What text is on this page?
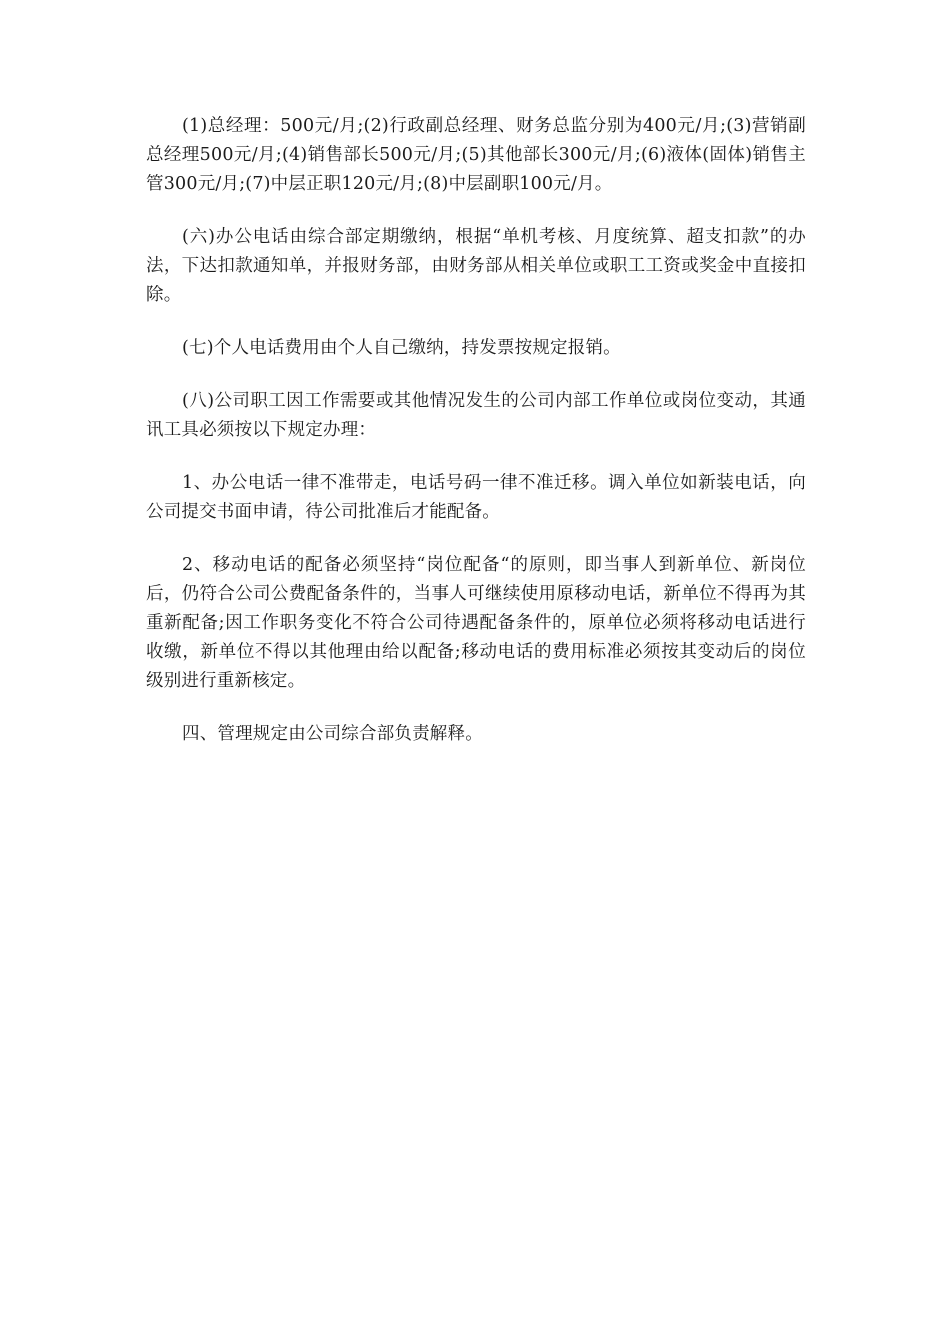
(1)总经理：500元/月;(2)行政副总经理、财务总监分别为400元/月;(3)营销副总经理500元/月;(4)销售部长500元/月;(5)其他部长300元/月;(6)液体(固体)销售主管300元/月;(7)中层正职120元/月;(8)中层副职100元/月。

(六)办公电话由综合部定期缴纳，根据“单机考核、月度统算、超支扣款”的办法，下达扣款通知单，并报财务部，由财务部从相关单位或职工工资或奖金中直接扣除。

(七)个人电话费用由个人自己缴纳，持发票按规定报销。

(八)公司职工因工作需要或其他情况发生的公司内部工作单位或岗位变动，其通讯工具必须按以下规定办理：

1、办公电话一律不准带走，电话号码一律不准迁移。调入单位如新装电话，向公司提交书面申请，待公司批准后才能配备。

2、移动电话的配备必须坚持“岗位配备“的原则，即当事人到新单位、新岗位后，仍符合公司公费配备条件的，当事人可继续使用原移动电话，新单位不得再为其重新配备;因工作职务变化不符合公司待遇配备条件的，原单位必须将移动电话进行收缴，新单位不得以其他理由给以配备;移动电话的费用标准必须按其变动后的岗位级别进行重新核定。

四、管理规定由公司综合部负责解释。
